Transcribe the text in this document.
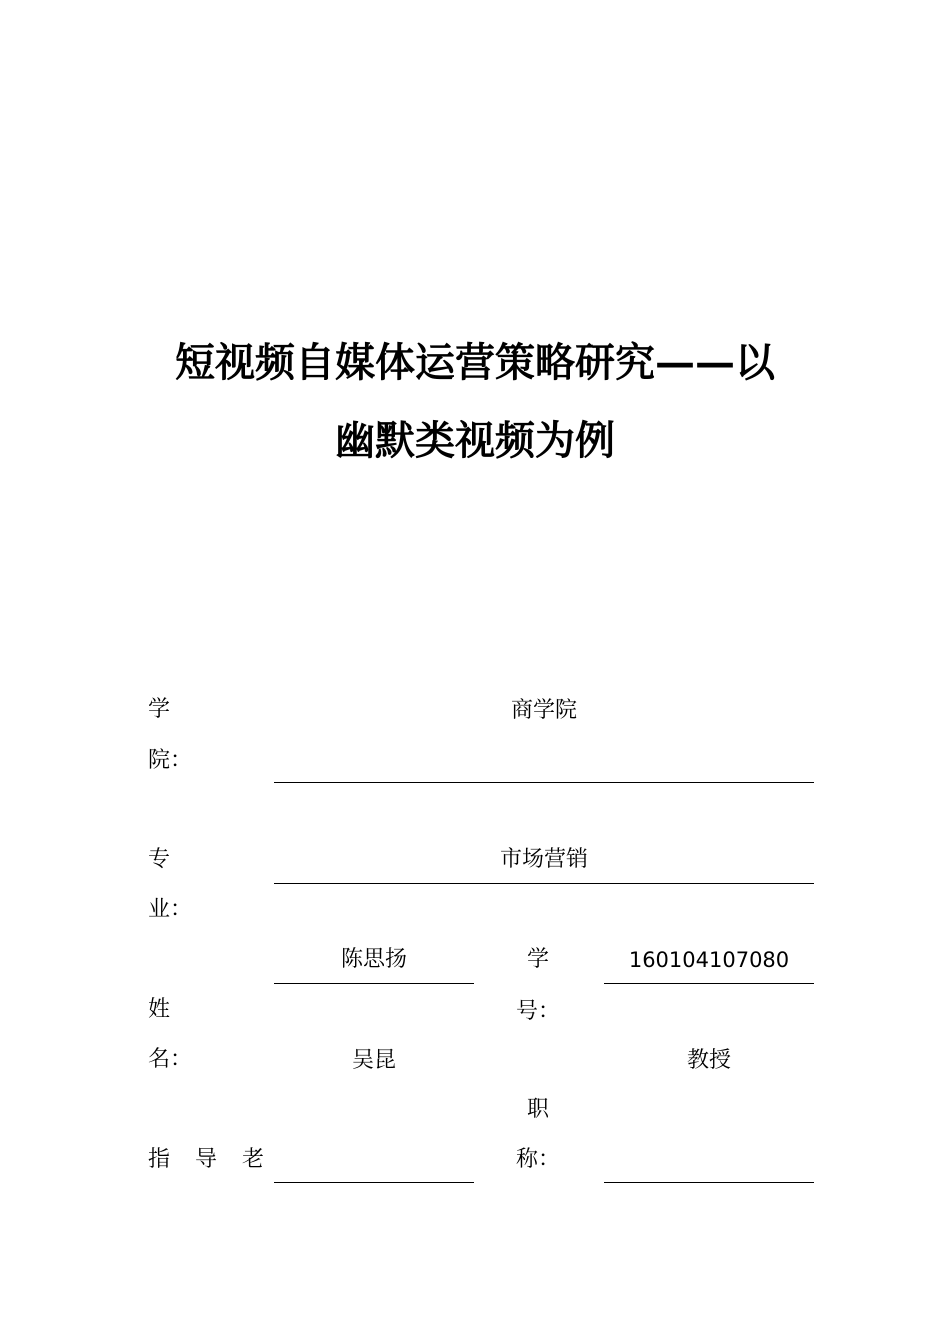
短视频自媒体运营策略研究——以
幽默类视频为例
学
院：
商学院
专
业：
市场营销
姓
名：
陈思扬	学
号：
160104107080
吴昆
指 导 老
教授
职
称：
